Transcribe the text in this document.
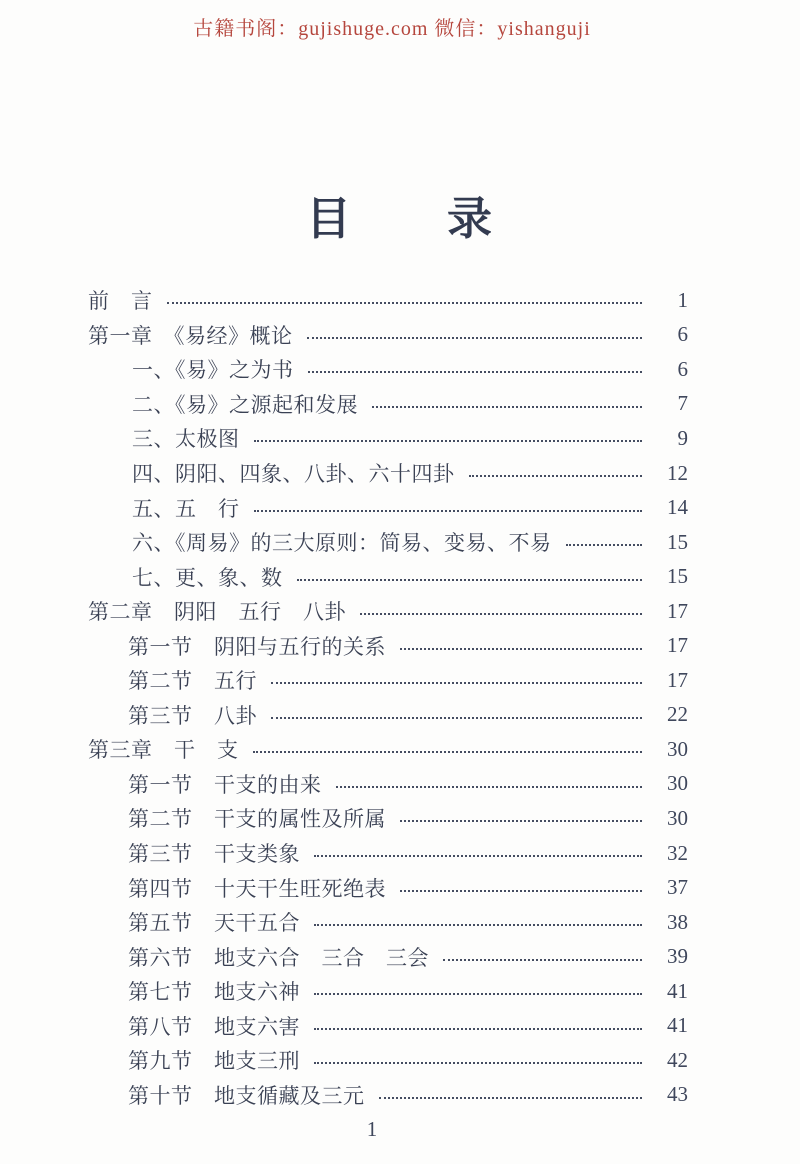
古籍书阁：gujishuge.com 微信：yishanguji
目　　录
前　言	1
第一章　《易经》概论	6
一、《易》之为书	6
二、《易》之源起和发展	7
三、太极图	9
四、阴阳、四象、八卦、六十四卦	12
五、五　行	14
六、《周易》的三大原则：简易、变易、不易	15
七、更、象、数	15
第二章　阴阳　五行　八卦	17
第一节　阴阳与五行的关系	17
第二节　五行	17
第三节　八卦	22
第三章　干　支	30
第一节　干支的由来	30
第二节　干支的属性及所属	30
第三节　干支类象	32
第四节　十天干生旺死绝表	37
第五节　天干五合	38
第六节　地支六合　三合　三会	39
第七节　地支六神	41
第八节　地支六害	41
第九节　地支三刑	42
第十节　地支循藏及三元	43
1
